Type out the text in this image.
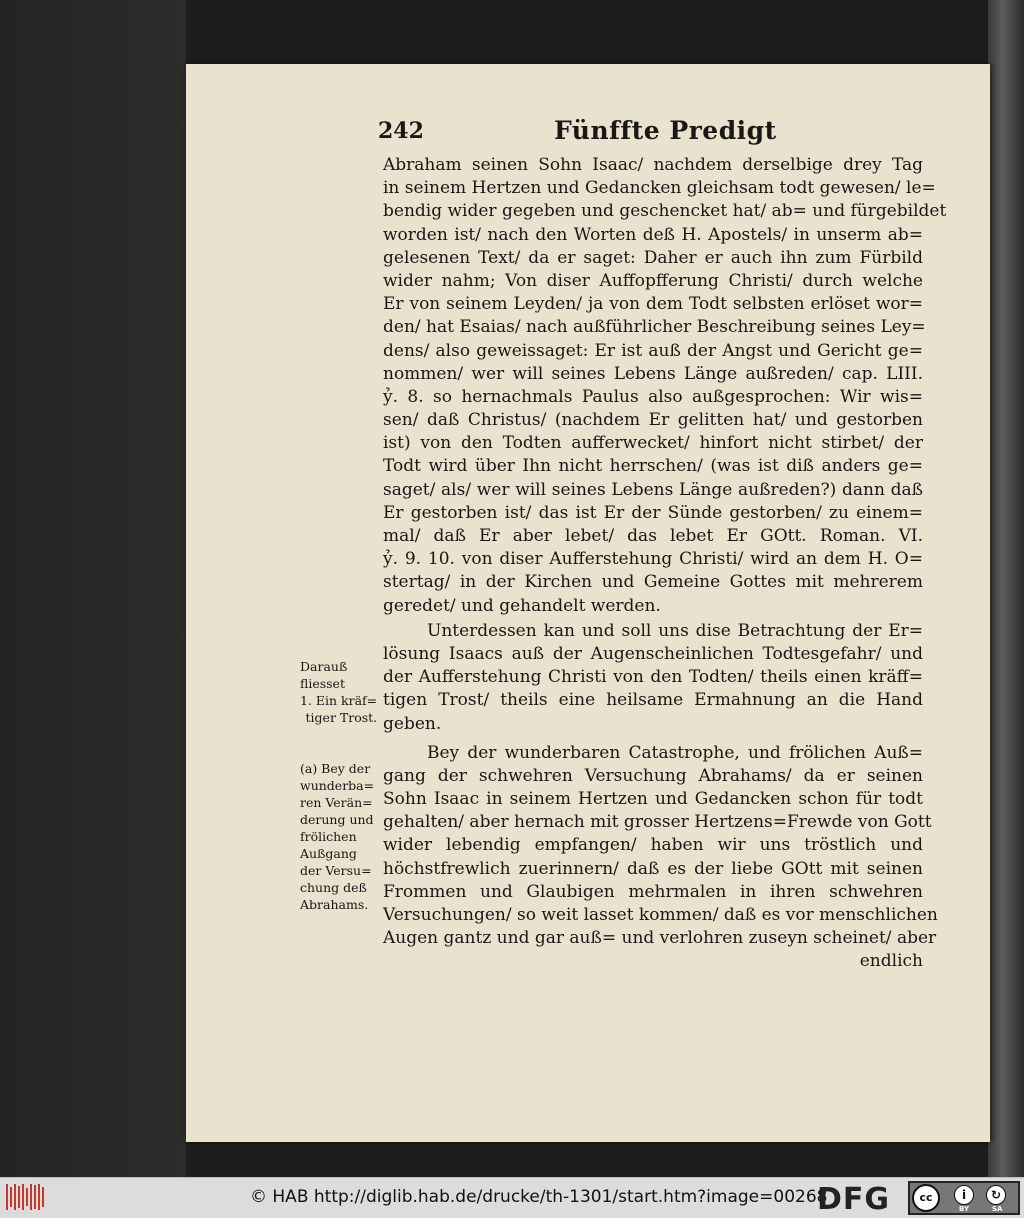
242	Fünffte Predigt
Abraham seinen Sohn Isaac/ nachdem derselbige drey Tag
in seinem Hertzen und Gedancken gleichsam todt gewesen/ le=
bendig wider gegeben und geschencket hat/ ab= und fürgebildet
worden ist/ nach den Worten deß H. Apostels/ in unserm ab=
gelesenen Text/ da er saget: Daher er auch ihn zum Fürbild
wider nahm; Von diser Auffopfferung Christi/ durch welche
Er von seinem Leyden/ ja von dem Todt selbsten erlöset wor=
den/ hat Esaias/ nach außführlicher Beschreibung seines Ley=
dens/ also geweissaget: Er ist auß der Angst und Gericht ge=
nommen/ wer will seines Lebens Länge außreden/ cap. LIII.
ỷ. 8. so hernachmals Paulus also außgesprochen: Wir wis=
sen/ daß Christus/ (nachdem Er gelitten hat/ und gestorben
ist) von den Todten aufferwecket/ hinfort nicht stirbet/ der
Todt wird über Ihn nicht herrschen/ (was ist diß anders ge=
saget/ als/ wer will seines Lebens Länge außreden?) dann daß
Er gestorben ist/ das ist Er der Sünde gestorben/ zu einem=
mal/ daß Er aber lebet/ das lebet Er GOtt. Roman. VI.
ỷ. 9. 10. von diser Aufferstehung Christi/ wird an dem H. O=
stertag/ in der Kirchen und Gemeine Gottes mit mehrerem
geredet/ und gehandelt werden.
Unterdessen kan und soll uns dise Betrachtung der Er=
lösung Isaacs auß der Augenscheinlichen Todtesgefahr/ und
der Aufferstehung Christi von den Todten/ theils einen kräff=
tigen Trost/ theils eine heilsame Ermahnung an die Hand
geben.
Bey der wunderbaren Catastrophe, und frölichen Auß=
gang der schwehren Versuchung Abrahams/ da er seinen
Sohn Isaac in seinem Hertzen und Gedancken schon für todt
gehalten/ aber hernach mit grosser Hertzens=Frewde von Gott
wider lebendig empfangen/ haben wir uns tröstlich und
höchstfrewlich zuerinnern/ daß es der liebe GOtt mit seinen
Frommen und Glaubigen mehrmalen in ihren schwehren
Versuchungen/ so weit lasset kommen/ daß es vor menschlichen
Augen gantz und gar auß= und verlohren zuseyn scheinet/ aber
endlich
Darauß
fliesset
1. Ein kräf=
tiger Trost.
(a) Bey der
wunderba=
ren Verän=
derung und
frölichen
Außgang
der Versu=
chung deß
Abrahams.
© HAB http://diglib.hab.de/drucke/th-1301/start.htm?image=00268
DFG	cc	i	↻
BY	SA
